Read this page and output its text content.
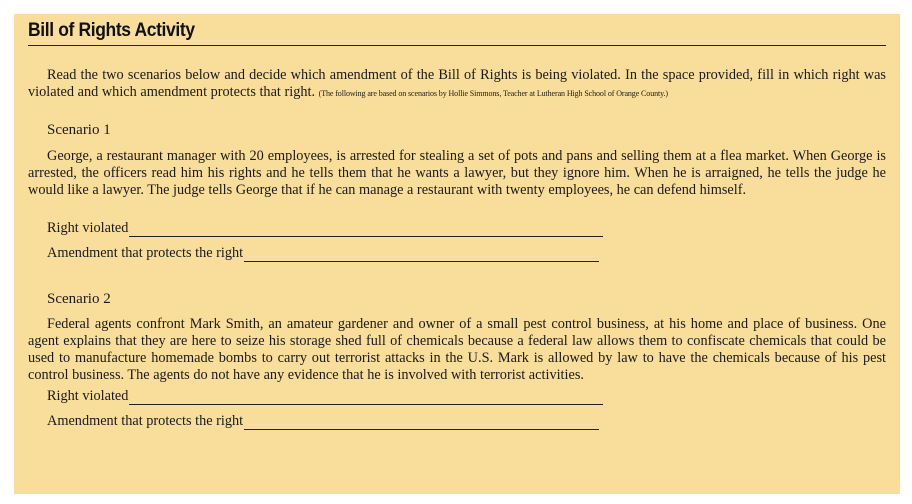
Bill of Rights Activity

Read the two scenarios below and decide which amendment of the Bill of Rights is being violated. In the space provided, fill in which right was violated and which amendment protects that right. (The following are based on scenarios by Hollie Simmons, Teacher at Lutheran High School of Orange County.)

Scenario 1

George, a restaurant manager with 20 employees, is arrested for stealing a set of pots and pans and selling them at a flea market. When George is arrested, the officers read him his rights and he tells them that he wants a lawyer, but they ignore him. When he is arraigned, he tells the judge he would like a lawyer. The judge tells George that if he can manage a restaurant with twenty employees, he can defend himself.

Right violated
Amendment that protects the right

Scenario 2

Federal agents confront Mark Smith, an amateur gardener and owner of a small pest control business, at his home and place of business. One agent explains that they are here to seize his storage shed full of chemicals because a federal law allows them to confiscate chemicals that could be used to manufacture homemade bombs to carry out terrorist attacks in the U.S. Mark is allowed by law to have the chemicals because of his pest control business. The agents do not have any evidence that he is involved with terrorist activities.

Right violated
Amendment that protects the right
